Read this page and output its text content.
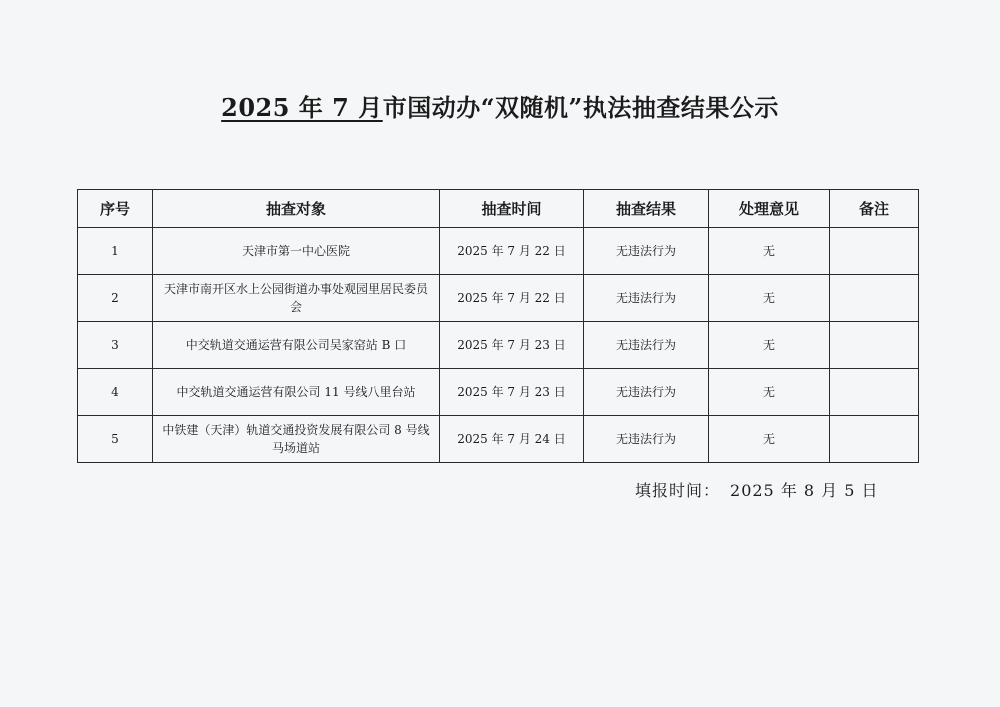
2025 年 7 月市国动办“双随机”执法抽查结果公示
序号	抽查对象	抽查时间	抽查结果	处理意见	备注
1	天津市第一中心医院	2025 年 7 月 22 日	无违法行为	无	
2	天津市南开区水上公园街道办事处观园里居民委员会	2025 年 7 月 22 日	无违法行为	无	
3	中交轨道交通运营有限公司吴家窑站 B 口	2025 年 7 月 23 日	无违法行为	无	
4	中交轨道交通运营有限公司 11 号线八里台站	2025 年 7 月 23 日	无违法行为	无	
5	中铁建（天津）轨道交通投资发展有限公司 8 号线马场道站	2025 年 7 月 24 日	无违法行为	无	
填报时间： 2025 年 8 月 5 日
